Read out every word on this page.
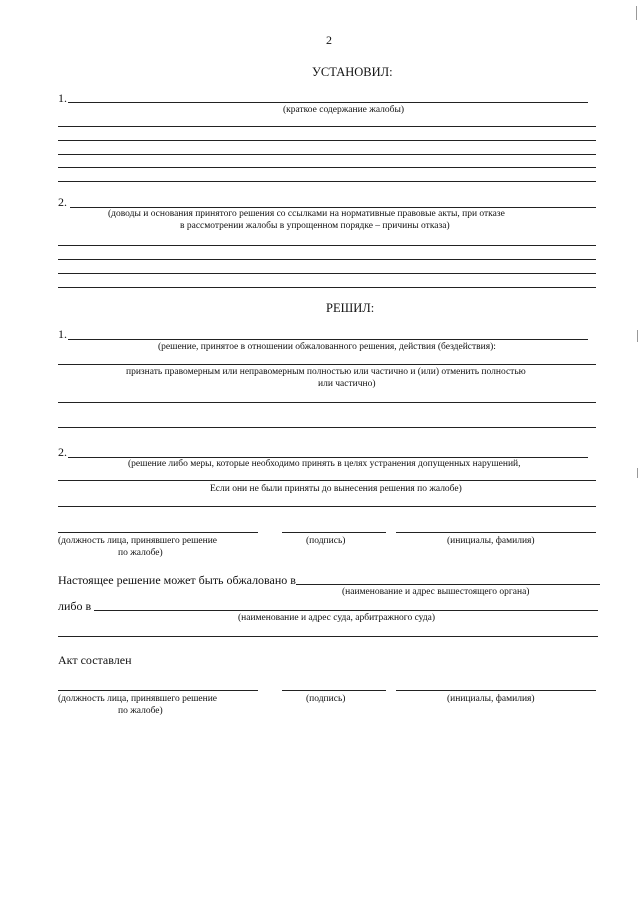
2
УСТАНОВИЛ:
1.
(краткое содержание жалобы)
2.
(доводы и основания принятого решения со ссылками на нормативные правовые акты, при отказе
в рассмотрении жалобы в упрощенном порядке – причины отказа)
РЕШИЛ:
1.
(решение, принятое в отношении обжалованного решения, действия (бездействия):
признать правомерным или неправомерным полностью или частично и (или) отменить полностью
или частично)
2.
(решение либо меры, которые необходимо принять в целях устранения допущенных нарушений,
Если они не были приняты до вынесения решения по жалобе)
(должность лица, принявшего решение
по жалобе)
(подпись)	(инициалы, фамилия)
Настоящее решение может быть обжаловано в
(наименование и адрес вышестоящего органа)
либо в
(наименование и адрес суда, арбитражного суда)
Акт составлен
(должность лица, принявшего решение
по жалобе)
(подпись)	(инициалы, фамилия)
